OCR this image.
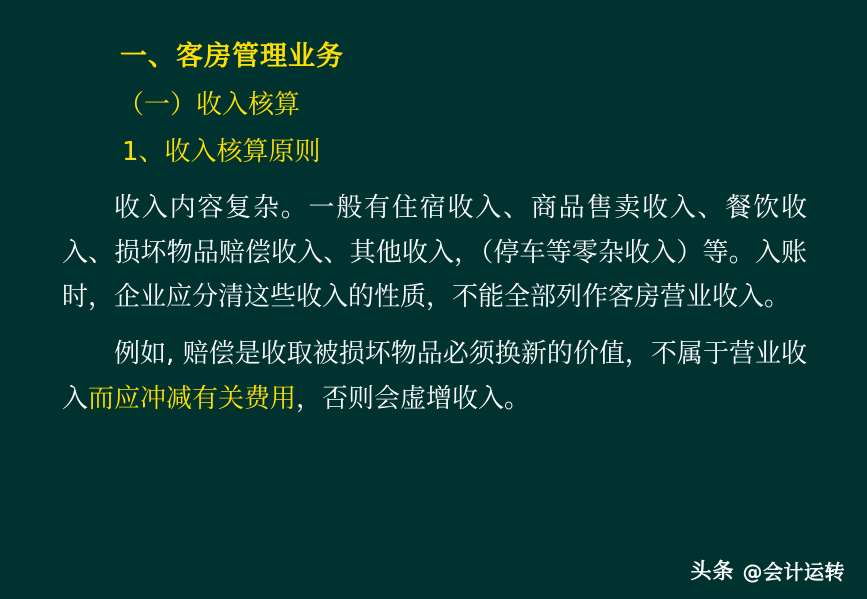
一、客房管理业务
（一）收入核算
1、收入核算原则

收入内容复杂。一般有住宿收入、商品售卖收入、餐饮收入、损坏物品赔偿收入、其他收入，（停车等零杂收入）等。入账时，企业应分清这些收入的性质，不能全部列作客房营业收入。

例如, 赔偿是收取被损坏物品必须换新的价值，不属于营业收入而应冲减有关费用，否则会虚增收入。

头条 @会计运转
